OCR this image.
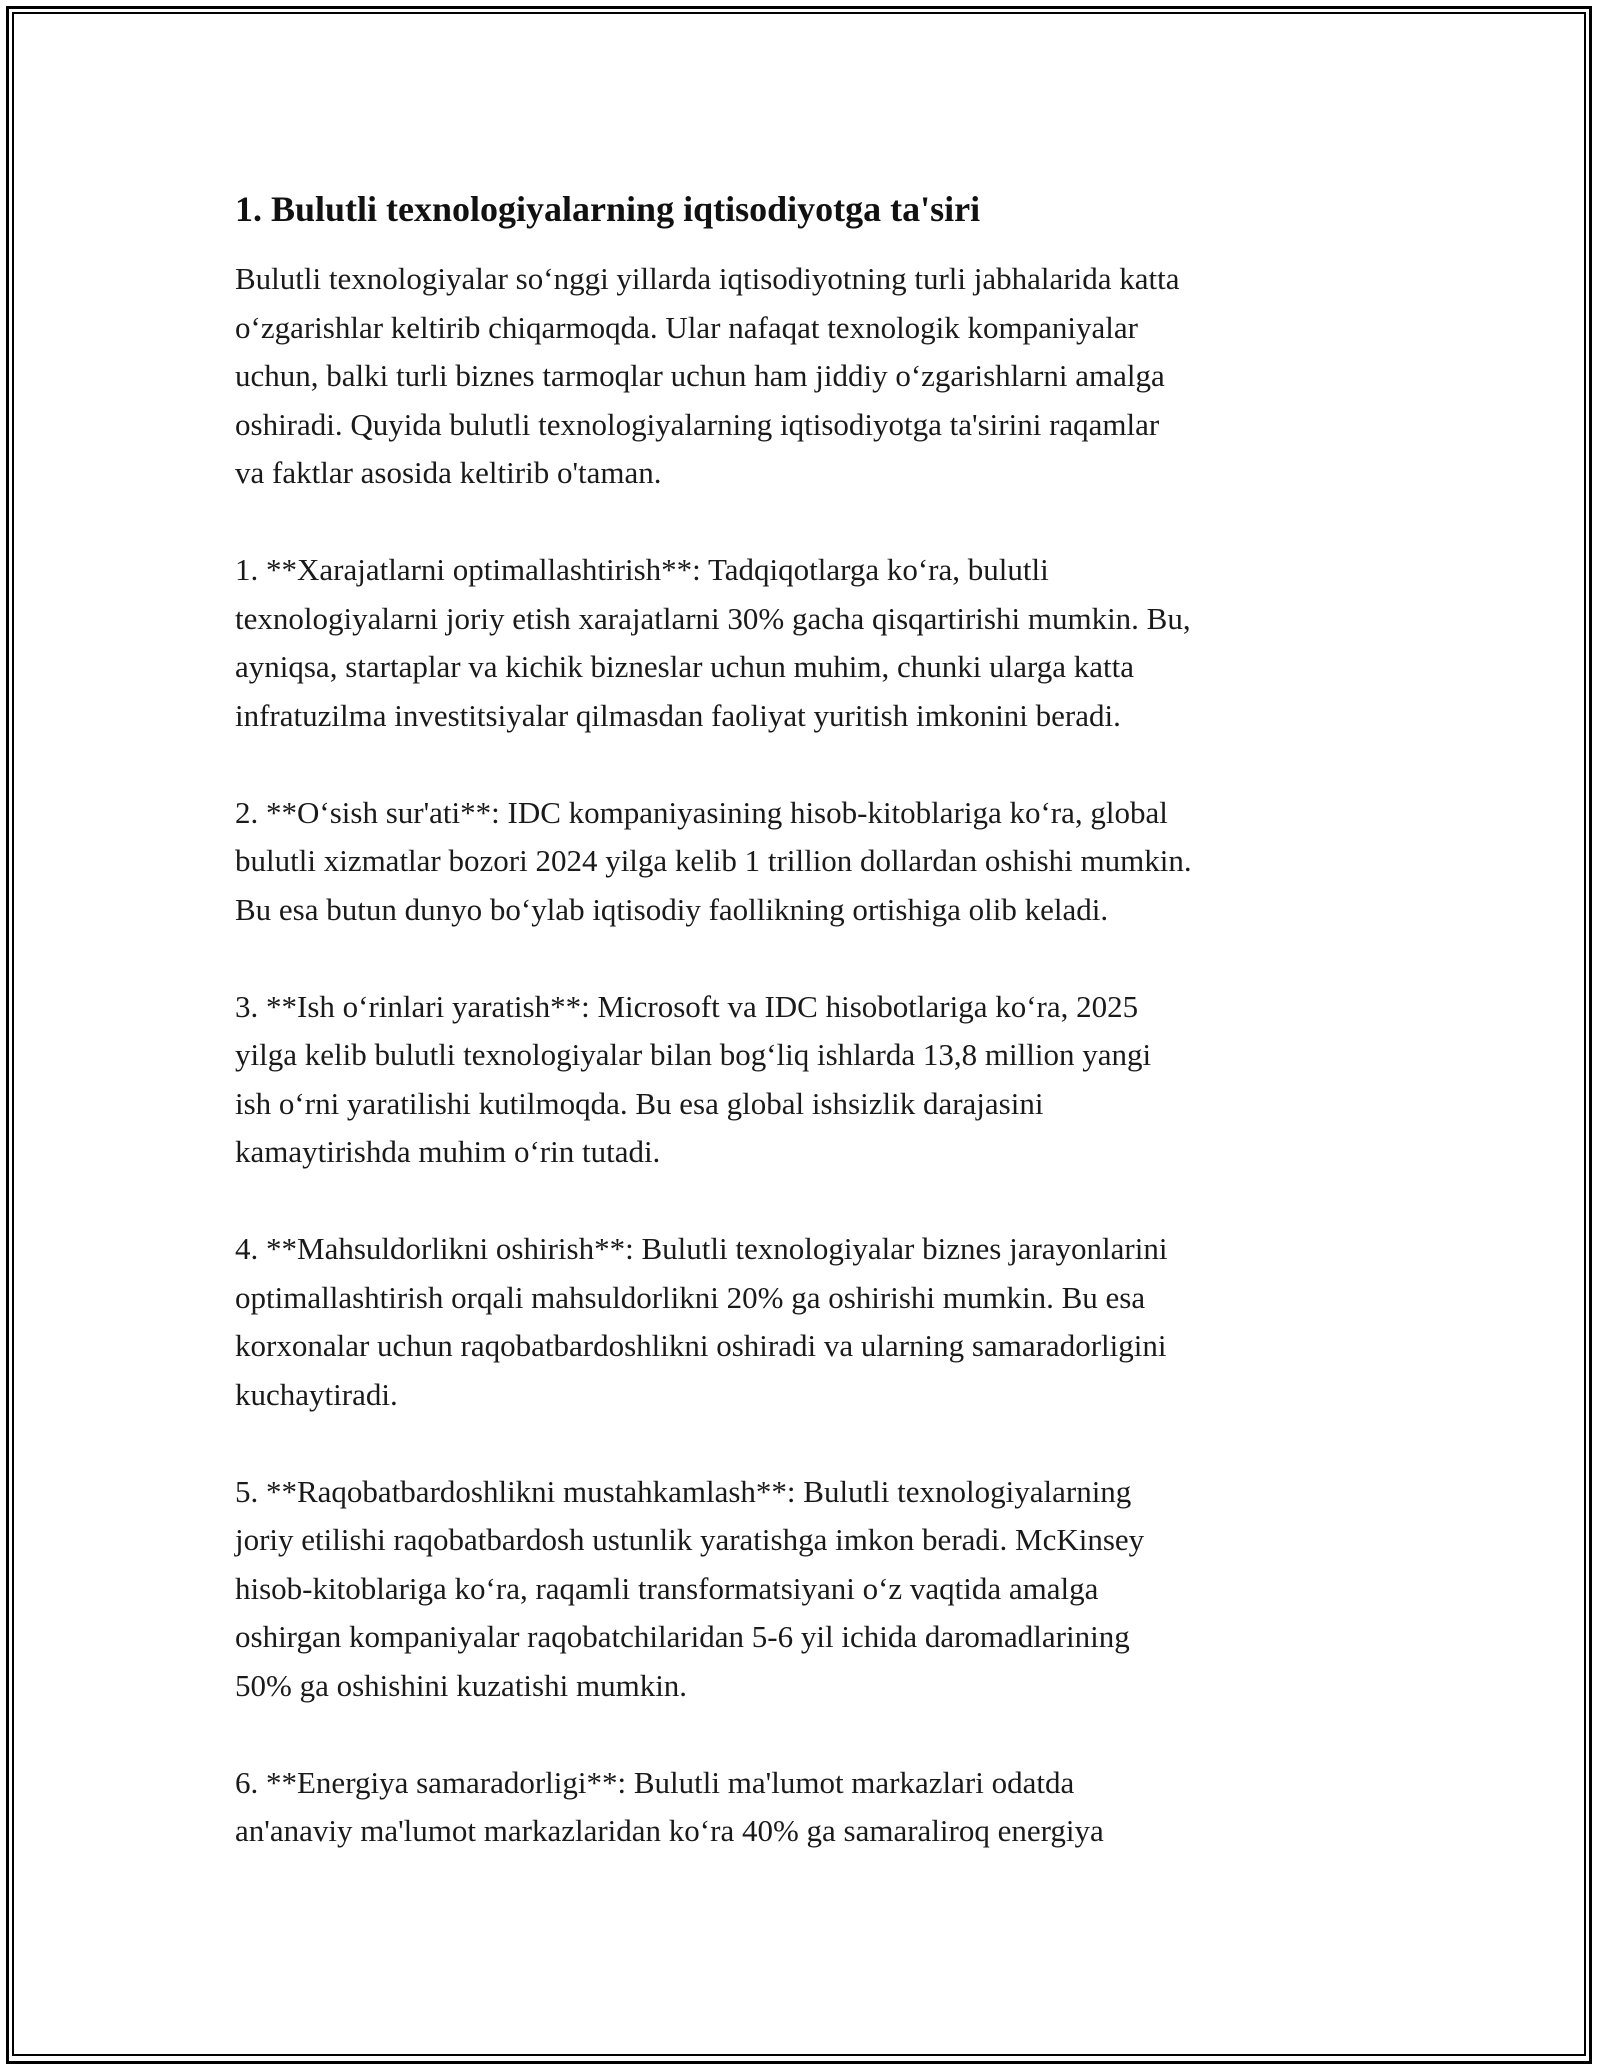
1. Bulutli texnologiyalarning iqtisodiyotga ta'siri
Bulutli texnologiyalar so‘nggi yillarda iqtisodiyotning turli jabhalarida katta
o‘zgarishlar keltirib chiqarmoqda. Ular nafaqat texnologik kompaniyalar
uchun, balki turli biznes tarmoqlar uchun ham jiddiy o‘zgarishlarni amalga
oshiradi. Quyida bulutli texnologiyalarning iqtisodiyotga ta'sirini raqamlar
va faktlar asosida keltirib o'taman.
1. **Xarajatlarni optimallashtirish**: Tadqiqotlarga ko‘ra, bulutli
texnologiyalarni joriy etish xarajatlarni 30% gacha qisqartirishi mumkin. Bu,
ayniqsa, startaplar va kichik bizneslar uchun muhim, chunki ularga katta
infratuzilma investitsiyalar qilmasdan faoliyat yuritish imkonini beradi.
2. **O‘sish sur'ati**: IDC kompaniyasining hisob-kitoblariga ko‘ra, global
bulutli xizmatlar bozori 2024 yilga kelib 1 trillion dollardan oshishi mumkin.
Bu esa butun dunyo bo‘ylab iqtisodiy faollikning ortishiga olib keladi.
3. **Ish o‘rinlari yaratish**: Microsoft va IDC hisobotlariga ko‘ra, 2025
yilga kelib bulutli texnologiyalar bilan bog‘liq ishlarda 13,8 million yangi
ish o‘rni yaratilishi kutilmoqda. Bu esa global ishsizlik darajasini
kamaytirishda muhim o‘rin tutadi.
4. **Mahsuldorlikni oshirish**: Bulutli texnologiyalar biznes jarayonlarini
optimallashtirish orqali mahsuldorlikni 20% ga oshirishi mumkin. Bu esa
korxonalar uchun raqobatbardoshlikni oshiradi va ularning samaradorligini
kuchaytiradi.
5. **Raqobatbardoshlikni mustahkamlash**: Bulutli texnologiyalarning
joriy etilishi raqobatbardosh ustunlik yaratishga imkon beradi. McKinsey
hisob-kitoblariga ko‘ra, raqamli transformatsiyani o‘z vaqtida amalga
oshirgan kompaniyalar raqobatchilaridan 5-6 yil ichida daromadlarining
50% ga oshishini kuzatishi mumkin.
6. **Energiya samaradorligi**: Bulutli ma'lumot markazlari odatda
an'anaviy ma'lumot markazlaridan ko‘ra 40% ga samaraliroq energiya
